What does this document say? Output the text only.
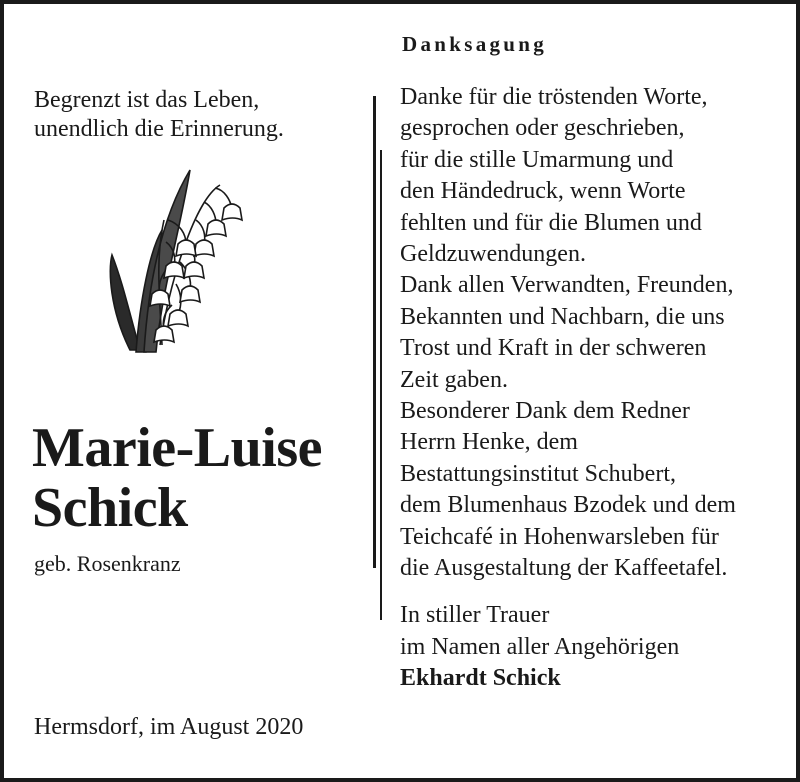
Begrenzt ist das Leben,
unendlich die Erinnerung.
Marie-Luise
Schick
geb. Rosenkranz
Hermsdorf, im August 2020
Danksagung
Danke für die tröstenden Worte,
gesprochen oder geschrieben,
für die stille Umarmung und
den Händedruck, wenn Worte
fehlten und für die Blumen und
Geldzuwendungen.
Dank allen Verwandten, Freunden,
Bekannten und Nachbarn, die uns
Trost und Kraft in der schweren
Zeit gaben.
Besonderer Dank dem Redner
Herrn Henke, dem
Bestattungsinstitut Schubert,
dem Blumenhaus Bzodek und dem
Teichcafé in Hohenwarsleben für
die Ausgestaltung der Kaffeetafel.
In stiller Trauer
im Namen aller Angehörigen
Ekhardt Schick
